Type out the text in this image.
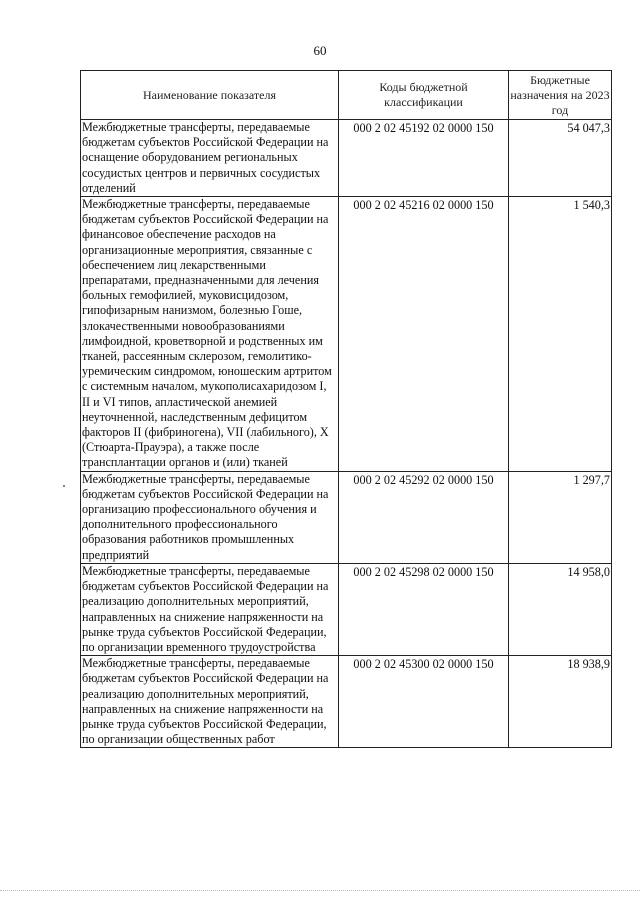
60
Наименование показателя	Коды бюджетной классификации	Бюджетные назначения на 2023 год
Межбюджетные трансферты, передаваемые бюджетам субъектов Российской Федерации на оснащение оборудованием региональных сосудистых центров и первичных сосудистых отделений	000 2 02 45192 02 0000 150	54 047,3
Межбюджетные трансферты, передаваемые бюджетам субъектов Российской Федерации на финансовое обеспечение расходов на организационные мероприятия, связанные с обеспечением лиц лекарственными препаратами, предназначенными для лечения больных гемофилией, муковисцидозом, гипофизарным нанизмом, болезнью Гоше, злокачественными новообразованиями лимфоидной, кроветворной и родственных им тканей, рассеянным склерозом, гемолитико-уремическим синдромом, юношеским артритом с системным началом, мукополисахаридозом I, II и VI типов, апластической анемией неуточненной, наследственным дефицитом факторов II (фибриногена), VII (лабильного), X (Стюарта-Прауэра), а также после трансплантации органов и (или) тканей	000 2 02 45216 02 0000 150	1 540,3
Межбюджетные трансферты, передаваемые бюджетам субъектов Российской Федерации на организацию профессионального обучения и дополнительного профессионального образования работников промышленных предприятий	000 2 02 45292 02 0000 150	1 297,7
Межбюджетные трансферты, передаваемые бюджетам субъектов Российской Федерации на реализацию дополнительных мероприятий, направленных на снижение напряженности на рынке труда субъектов Российской Федерации, по организации временного трудоустройства	000 2 02 45298 02 0000 150	14 958,0
Межбюджетные трансферты, передаваемые бюджетам субъектов Российской Федерации на реализацию дополнительных мероприятий, направленных на снижение напряженности на рынке труда субъектов Российской Федерации, по организации общественных работ	000 2 02 45300 02 0000 150	18 938,9
